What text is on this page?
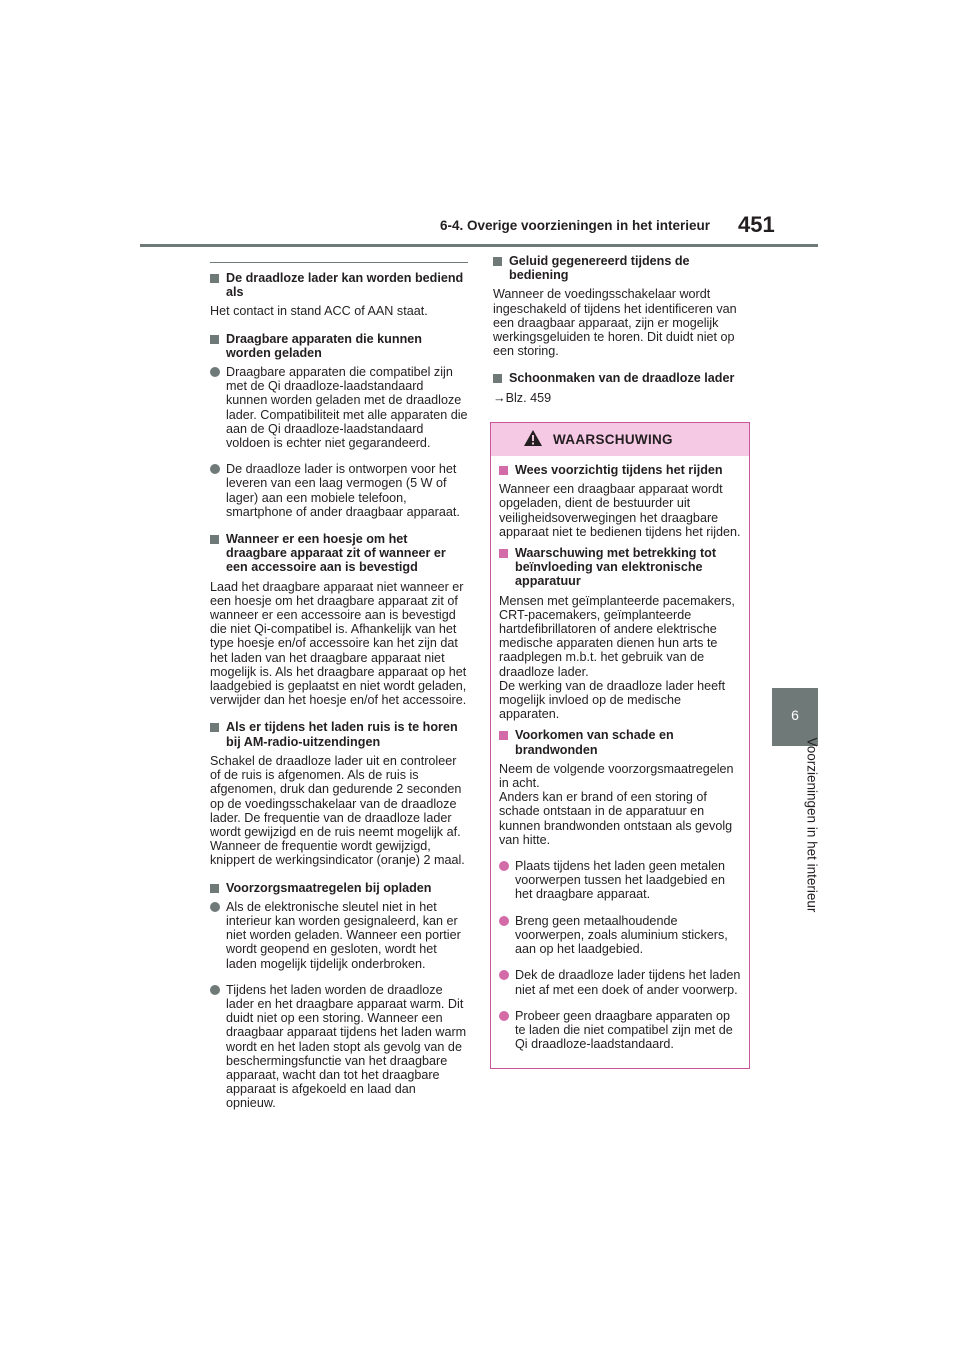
6-4. Overige voorzieningen in het interieur 451
6
Voorzieningen in het interieur
De draadloze lader kan worden bediend als
Het contact in stand ACC of AAN staat.
Draagbare apparaten die kunnen worden geladen
Draagbare apparaten die compatibel zijn met de Qi draadloze-laadstandaard kunnen worden geladen met de draadloze lader. Compatibiliteit met alle apparaten die aan de Qi draadloze-laadstandaard voldoen is echter niet gegarandeerd.
De draadloze lader is ontworpen voor het leveren van een laag vermogen (5 W of lager) aan een mobiele telefoon, smartphone of ander draagbaar apparaat.
Wanneer er een hoesje om het draagbare apparaat zit of wanneer er een accessoire aan is bevestigd
Laad het draagbare apparaat niet wanneer er een hoesje om het draagbare apparaat zit of wanneer er een accessoire aan is bevestigd die niet Qi-compatibel is. Afhankelijk van het type hoesje en/of accessoire kan het zijn dat het laden van het draagbare apparaat niet mogelijk is. Als het draagbare apparaat op het laadgebied is geplaatst en niet wordt geladen, verwijder dan het hoesje en/of het accessoire.
Als er tijdens het laden ruis is te horen bij AM-radio-uitzendingen
Schakel de draadloze lader uit en controleer of de ruis is afgenomen. Als de ruis is afgenomen, druk dan gedurende 2 seconden op de voedingsschakelaar van de draadloze lader. De frequentie van de draadloze lader wordt gewijzigd en de ruis neemt mogelijk af. Wanneer de frequentie wordt gewijzigd, knippert de werkingsindicator (oranje) 2 maal.
Voorzorgsmaatregelen bij opladen
Als de elektronische sleutel niet in het interieur kan worden gesignaleerd, kan er niet worden geladen. Wanneer een portier wordt geopend en gesloten, wordt het laden mogelijk tijdelijk onderbroken.
Tijdens het laden worden de draadloze lader en het draagbare apparaat warm. Dit duidt niet op een storing. Wanneer een draagbaar apparaat tijdens het laden warm wordt en het laden stopt als gevolg van de beschermingsfunctie van het draagbare apparaat, wacht dan tot het draagbare apparaat is afgekoeld en laad dan opnieuw.
Geluid gegenereerd tijdens de bediening
Wanneer de voedingsschakelaar wordt ingeschakeld of tijdens het identificeren van een draagbaar apparaat, zijn er mogelijk werkingsgeluiden te horen. Dit duidt niet op een storing.
Schoonmaken van de draadloze lader
→Blz. 459
WAARSCHUWING
Wees voorzichtig tijdens het rijden
Wanneer een draagbaar apparaat wordt opgeladen, dient de bestuurder uit veiligheidsoverwegingen het draagbare apparaat niet te bedienen tijdens het rijden.
Waarschuwing met betrekking tot beïnvloeding van elektronische apparatuur
Mensen met geïmplanteerde pacemakers, CRT-pacemakers, geïmplanteerde hartdefibrillatoren of andere elektrische medische apparaten dienen hun arts te raadplegen m.b.t. het gebruik van de draadloze lader.
De werking van de draadloze lader heeft mogelijk invloed op de medische apparaten.
Voorkomen van schade en brandwonden
Neem de volgende voorzorgsmaatregelen in acht.
Anders kan er brand of een storing of schade ontstaan in de apparatuur en kunnen brandwonden ontstaan als gevolg van hitte.
Plaats tijdens het laden geen metalen voorwerpen tussen het laadgebied en het draagbare apparaat.
Breng geen metaalhoudende voorwerpen, zoals aluminium stickers, aan op het laadgebied.
Dek de draadloze lader tijdens het laden niet af met een doek of ander voorwerp.
Probeer geen draagbare apparaten op te laden die niet compatibel zijn met de Qi draadloze-laadstandaard.
